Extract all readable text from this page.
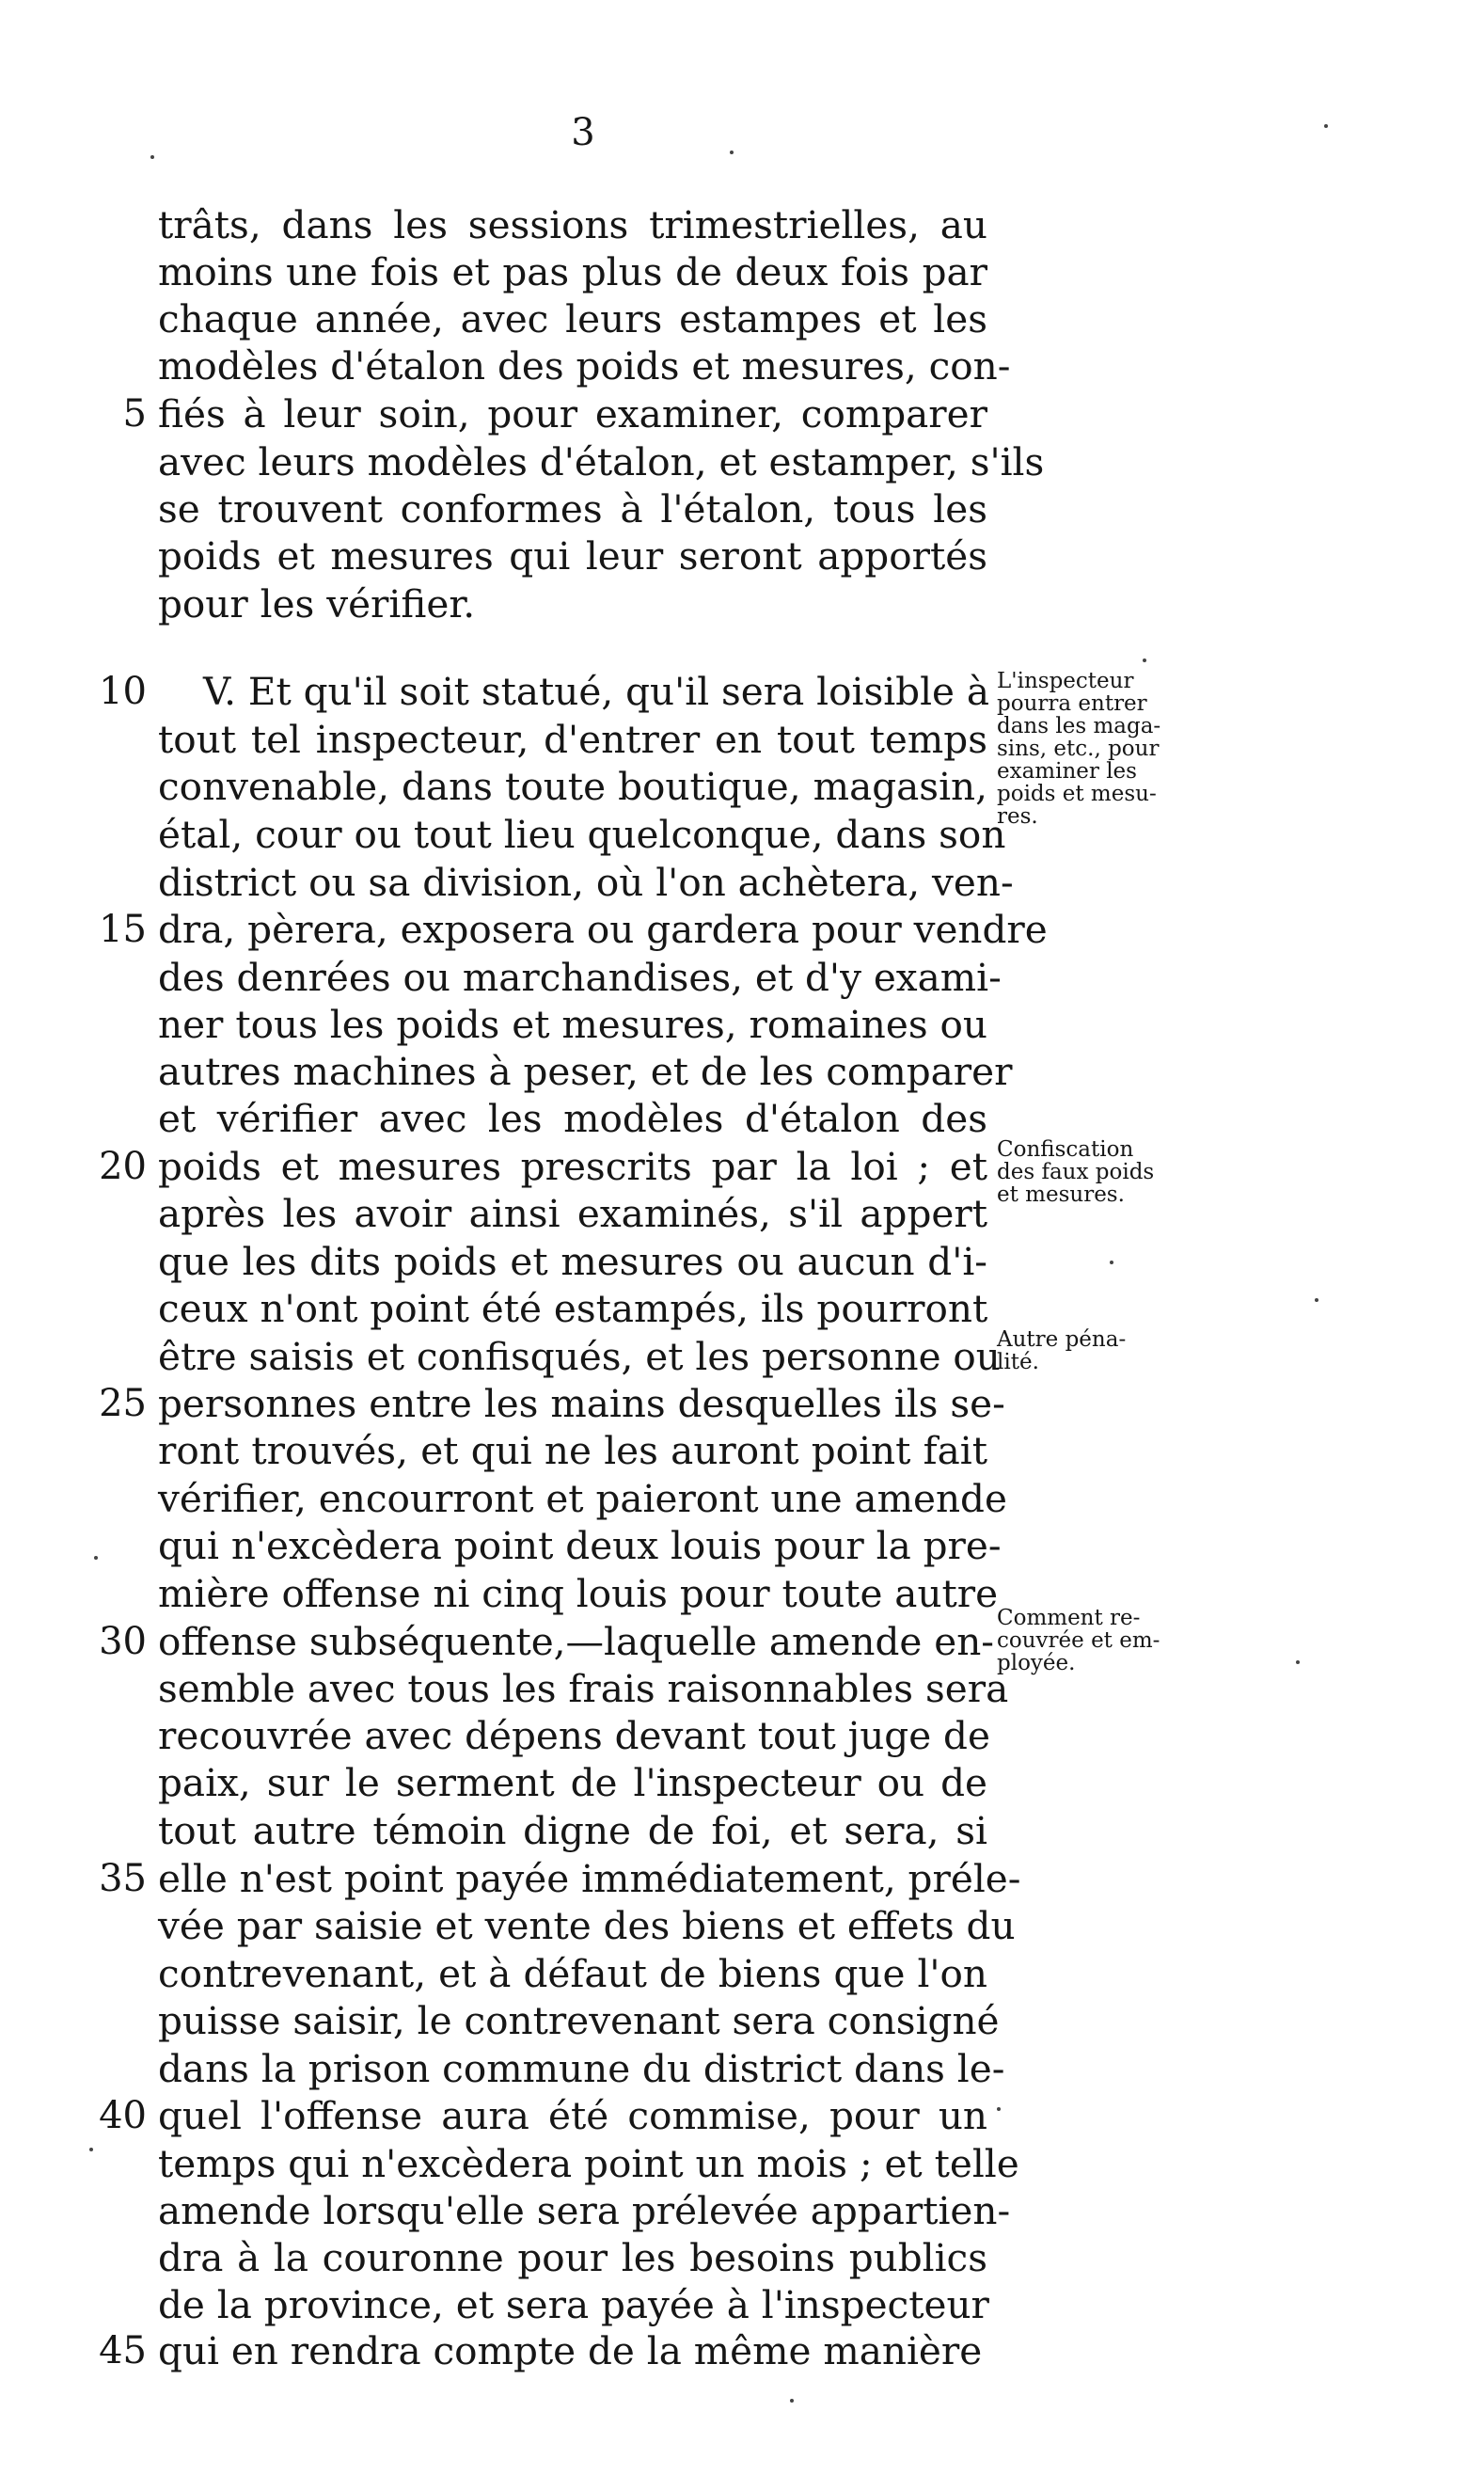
3
trâts, dans les sessions trimestrielles, au
moins une fois et pas plus de deux fois par
chaque année, avec leurs estampes et les
modèles d'étalon des poids et mesures, con-
fiés à leur soin, pour examiner, comparer
avec leurs modèles d'étalon, et estamper, s'ils
se trouvent conformes à l'étalon, tous les
poids et mesures qui leur seront apportés
pour les vérifier.
V. Et qu'il soit statué, qu'il sera loisible à
tout tel inspecteur, d'entrer en tout temps
convenable, dans toute boutique, magasin,
étal, cour ou tout lieu quelconque, dans son
district ou sa division, où l'on achètera, ven-
dra, pèrera, exposera ou gardera pour vendre
des denrées ou marchandises, et d'y exami-
ner tous les poids et mesures, romaines ou
autres machines à peser, et de les comparer
et vérifier avec les modèles d'étalon des
poids et mesures prescrits par la loi ; et
après les avoir ainsi examinés, s'il appert
que les dits poids et mesures ou aucun d'i-
ceux n'ont point été estampés, ils pourront
être saisis et confisqués, et les personne ou
personnes entre les mains desquelles ils se-
ront trouvés, et qui ne les auront point fait
vérifier, encourront et paieront une amende
qui n'excèdera point deux louis pour la pre-
mière offense ni cinq louis pour toute autre
offense subséquente,—laquelle amende en-
semble avec tous les frais raisonnables sera
recouvrée avec dépens devant tout juge de
paix, sur le serment de l'inspecteur ou de
tout autre témoin digne de foi, et sera, si
elle n'est point payée immédiatement, préle-
vée par saisie et vente des biens et effets du
contrevenant, et à défaut de biens que l'on
puisse saisir, le contrevenant sera consigné
dans la prison commune du district dans le-
quel l'offense aura été commise, pour un
temps qui n'excèdera point un mois ; et telle
amende lorsqu'elle sera prélevée appartien-
dra à la couronne pour les besoins publics
de la province, et sera payée à l'inspecteur
qui en rendra compte de la même manière
5
10
15
20
25
30
35
40
45
L'inspecteur
pourra entrer
dans les maga-
sins, etc., pour
examiner les
poids et mesu-
res.
Confiscation
des faux poids
et mesures.
Autre péna-
lité.
Comment re-
couvrée et em-
ployée.
